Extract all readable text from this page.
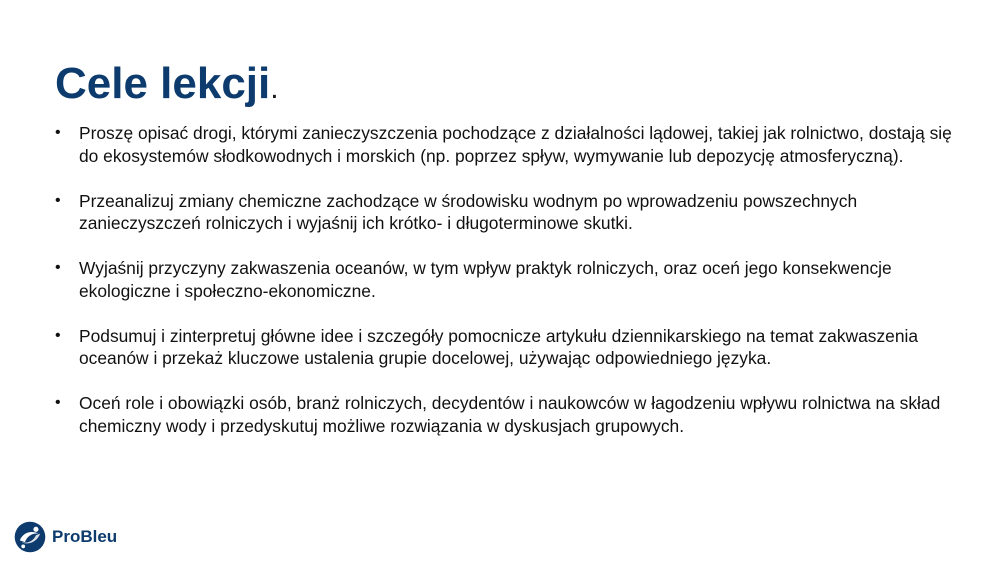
Cele lekcji.
• Proszę opisać drogi, którymi zanieczyszczenia pochodzące z działalności lądowej, takiej jak rolnictwo, dostają się do ekosystemów słodkowodnych i morskich (np. poprzez spływ, wymywanie lub depozycję atmosferyczną).
• Przeanalizuj zmiany chemiczne zachodzące w środowisku wodnym po wprowadzeniu powszechnych zanieczyszczeń rolniczych i wyjaśnij ich krótko- i długoterminowe skutki.
• Wyjaśnij przyczyny zakwaszenia oceanów, w tym wpływ praktyk rolniczych, oraz oceń jego konsekwencje ekologiczne i społeczno-ekonomiczne.
• Podsumuj i zinterpretuj główne idee i szczegóły pomocnicze artykułu dziennikarskiego na temat zakwaszenia oceanów i przekaż kluczowe ustalenia grupie docelowej, używając odpowiedniego języka.
• Oceń role i obowiązki osób, branż rolniczych, decydentów i naukowców w łagodzeniu wpływu rolnictwa na skład chemiczny wody i przedyskutuj możliwe rozwiązania w dyskusjach grupowych.
ProBleu
